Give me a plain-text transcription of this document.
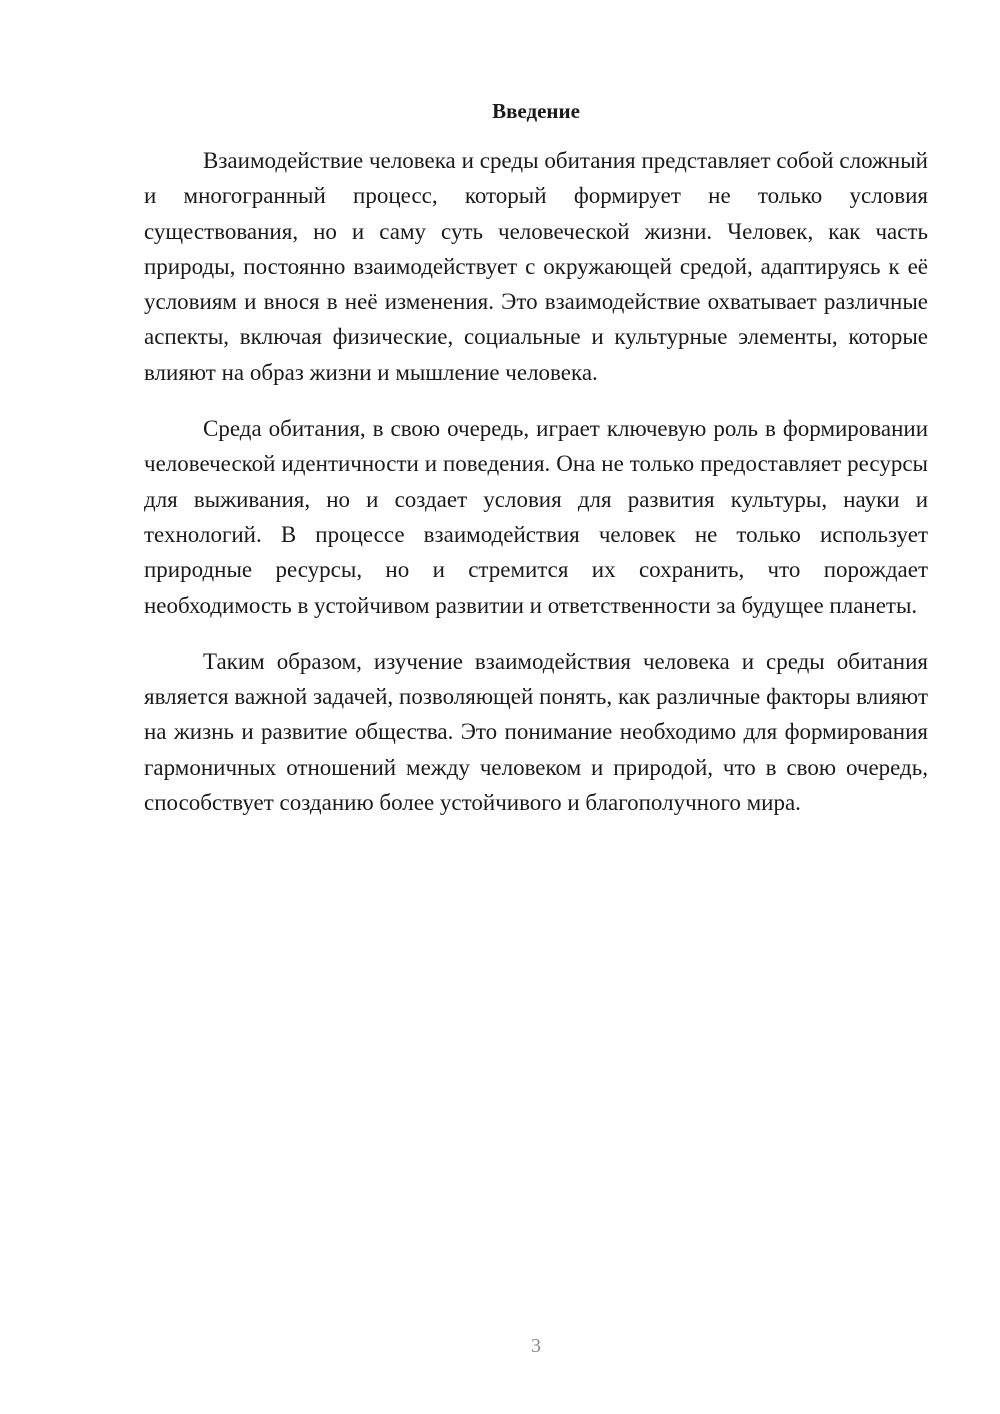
Введение

Взаимодействие человека и среды обитания представляет собой сложный и многогранный процесс, который формирует не только условия существования, но и саму суть человеческой жизни. Человек, как часть природы, постоянно взаимодействует с окружающей средой, адаптируясь к её условиям и внося в неё изменения. Это взаимодействие охватывает различные аспекты, включая физические, социальные и культурные элементы, которые влияют на образ жизни и мышление человека.

Среда обитания, в свою очередь, играет ключевую роль в формировании человеческой идентичности и поведения. Она не только предоставляет ресурсы для выживания, но и создает условия для развития культуры, науки и технологий. В процессе взаимодействия человек не только использует природные ресурсы, но и стремится их сохранить, что порождает необходимость в устойчивом развитии и ответственности за будущее планеты.

Таким образом, изучение взаимодействия человека и среды обитания является важной задачей, позволяющей понять, как различные факторы влияют на жизнь и развитие общества. Это понимание необходимо для формирования гармоничных отношений между человеком и природой, что в свою очередь, способствует созданию более устойчивого и благополучного мира.

3
